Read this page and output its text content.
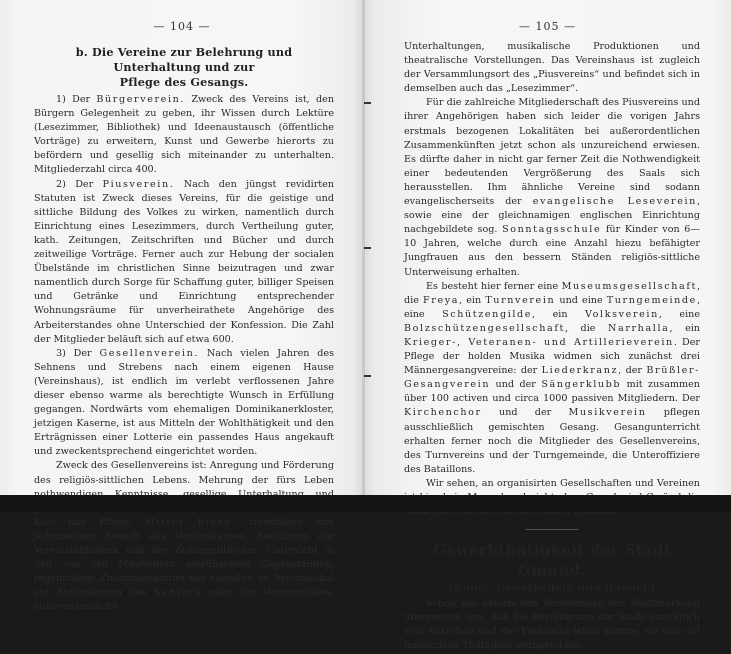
— 104 —

b. Die Vereine zur Belehrung und Unterhaltung und zur

Pflege des Gesangs.

1) Der Bürgerverein. Zweck des Vereins ist, den Bürgern Gelegenheit zu geben, ihr Wissen durch Lektüre (Lesezimmer, Bibliothek) und Ideenaustausch (öffentliche Vorträge) zu erweitern, Kunst und Gewerbe hierorts zu befördern und gesellig sich miteinander zu unterhalten. Mitgliederzahl circa 400.

2) Der Piusverein. Nach den jüngst revidirten Statuten ist Zweck dieses Vereins, für die geistige und sittliche Bildung des Volkes zu wirken, namentlich durch Einrichtung eines Lesezimmers, durch Vertheilung guter, kath. Zeitungen, Zeitschriften und Bücher und durch zeitweilige Vorträge. Ferner auch zur Hebung der socialen Übelstände im christlichen Sinne beizutragen und zwar namentlich durch Sorge für Schaffung guter, billiger Speisen und Getränke und Einrichtung entsprechender Wohnungsräume für unverheirathete Angehörige des Arbeiterstandes ohne Unterschied der Konfession. Die Zahl der Mitglieder beläuft sich auf etwa 600.

3) Der Gesellenverein. Nach vielen Jahren des Sehnens und Strebens nach einem eigenen Hause (Vereinshaus), ist endlich im verlebt verflossenen Jahre dieser ebenso warme als berechtigte Wunsch in Erfüllung gegangen. Nordwärts vom ehemaligen Dominikanerkloster, jetzigen Kaserne, ist aus Mitteln der Wohlthätigkeit und den Erträgnissen einer Lotterie ein passendes Haus angekauft und zweckentsprechend eingerichtet worden.

Zweck des Gesellenvereins ist: Anregung und Förderung des religiös-sittlichen Lebens. Mehrung der fürs Leben Kost und Pflege. Mittel hiezu: freiwilliger und jederzeitiger Besuch des Vereinshauses, Benützung der Vereinsbibliothek und der Zeitungsliteratur, Unterricht in den von den Mitgliedern gewünschten Gegenständen, regelmäßige Zusammenkünfte der Gesellen im Vereinslokal auf Aufforderung des Seniors oder des Vereinspräses, außerordentliche

— 105 —

Unterhaltungen, musikalische Produktionen und theatralische Vorstellungen. Das Vereinshaus ist zugleich der Versammlungsort des „Piusvereins“ und befindet sich in demselben auch das „Lesezimmer“.

Für die zahlreiche Mitgliederschaft des Piusvereins und ihrer Angehörigen haben sich leider die vorigen Jahrs erstmals bezogenen Lokalitäten bei außerordentlichen Zusammenkünften jetzt schon als unzureichend erwiesen. Es dürfte daher in nicht gar ferner Zeit die Nothwendigkeit einer bedeutenden Vergrößerung des Saals sich herausstellen. Ihm ähnliche Vereine sind sodann evangelischerseits der evangelische Leseverein, sowie eine der gleichnamigen englischen Einrichtung nachgebildete sog. Sonntagsschule für Kinder von 6—10 Jahren, welche durch eine Anzahl hiezu befähigter Jungfrauen aus den bessern Ständen religiös-sittliche Unterweisung erhalten.

Es besteht hier ferner eine Museumsgesellschaft, die Freya, ein Turnverein und eine Turngemeinde, eine Schützengilde, ein Volksverein, eine Bolzschützengesellschaft, die Narrhalla, ein Krieger-, Veteranen- und Artillerieverein. Der Pflege der holden Musika widmen sich zunächst drei Männergesangvereine: der Liederkranz, der Brüßler-Gesangverein und der Sängerklubb mit zusammen über 100 activen und circa 1000 passiven Mitgliedern. Der Kirchenchor und der Musikverein pflegen ausschließlich gemischten Gesang. Gesangunterricht erhalten ferner noch die Mitglieder des Gesellenvereins, des Turnvereins und der Turngemeinde, die Unteroffiziere des Bataillons.

Wir sehen, an organisirten Gesellschaften und Vereinen

Gewerbthätigkeit der Stadt Gmünd.
(Kunst, Gewerbefleiß und Handel.)

Schon die natürlichen Verhältnisse der Stadtmarkung überzeugen uns, daß die Bevölkerung der Stadt unmöglich vom Ackerbau und der Viehzucht leben konnte; sie war auf industrielle Thätigkeit zwingend hin-
